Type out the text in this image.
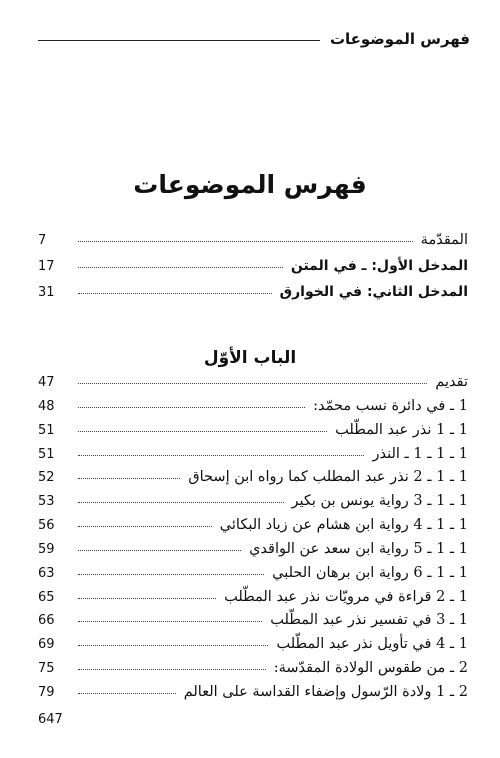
فهرس الموضوعات
فهرس الموضوعات
المقدّمة
7
المدخل الأول: ـ في المتن
17
المدخل الثاني: في الخوارق
31
الباب الأوّل
تقديم
47
1 ـ في دائرة نسب محمّد:
48
1 ـ 1 نذر عبد المطّلب
51
1 ـ 1 ـ 1 ـ النذر
51
1 ـ 1 ـ 2 نذر عبد المطلب كما رواه ابن إسحاق
52
1 ـ 1 ـ 3 رواية يونس بن بكير
53
1 ـ 1 ـ 4 رواية ابن هشام عن زياد البكائي
56
1 ـ 1 ـ 5 رواية ابن سعد عن الواقدي
59
1 ـ 1 ـ 6 رواية ابن برهان الحلبي
63
1 ـ 2 قراءة في مرويّات نذر عبد المطّلب
65
1 ـ 3 في تفسير نذر عبد المطّلب
66
1 ـ 4 في تأويل نذر عبد المطّلب
69
2 ـ من طقوس الولادة المقدّسة:
75
2 ـ 1 ولادة الرّسول وإضفاء القداسة على العالم
79
647
